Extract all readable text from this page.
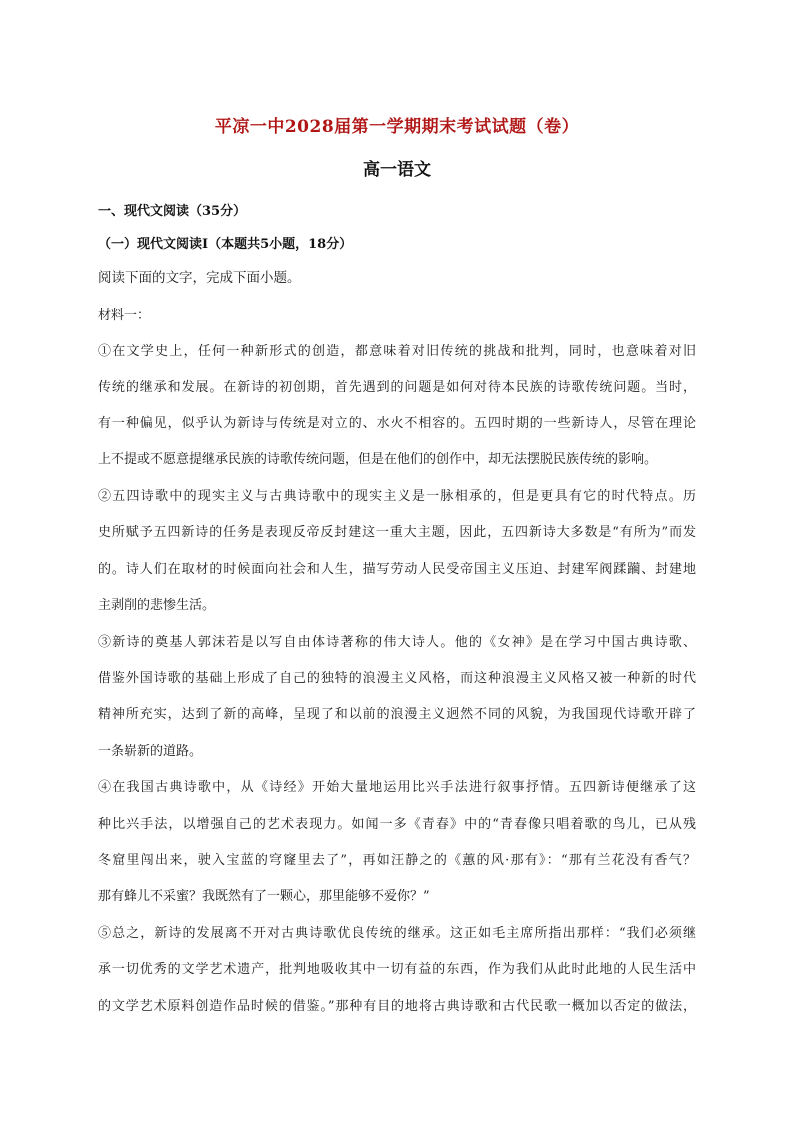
平凉一中2028届第一学期期末考试试题（卷）
高一语文
一、现代文阅读（35分）
（一）现代文阅读Ⅰ（本题共5小题，18分）
阅读下面的文字，完成下面小题。
材料一：
①在文学史上，任何一种新形式的创造，都意味着对旧传统的挑战和批判，同时，也意味着对旧
传统的继承和发展。在新诗的初创期，首先遇到的问题是如何对待本民族的诗歌传统问题。当时，
有一种偏见，似乎认为新诗与传统是对立的、水火不相容的。五四时期的一些新诗人，尽管在理论
上不提或不愿意提继承民族的诗歌传统问题，但是在他们的创作中，却无法摆脱民族传统的影响。
②五四诗歌中的现实主义与古典诗歌中的现实主义是一脉相承的，但是更具有它的时代特点。历
史所赋予五四新诗的任务是表现反帝反封建这一重大主题，因此，五四新诗大多数是“有所为”而发
的。诗人们在取材的时候面向社会和人生，描写劳动人民受帝国主义压迫、封建军阀蹂躏、封建地
主剥削的悲惨生活。
③新诗的奠基人郭沫若是以写自由体诗著称的伟大诗人。他的《女神》是在学习中国古典诗歌、
借鉴外国诗歌的基础上形成了自己的独特的浪漫主义风格，而这种浪漫主义风格又被一种新的时代
精神所充实，达到了新的高峰，呈现了和以前的浪漫主义迥然不同的风貌，为我国现代诗歌开辟了
一条崭新的道路。
④在我国古典诗歌中，从《诗经》开始大量地运用比兴手法进行叙事抒情。五四新诗便继承了这
种比兴手法，以增强自己的艺术表现力。如闻一多《青春》中的“青春像只唱着歌的鸟儿，已从残
冬窟里闯出来，驶入宝蓝的穹窿里去了”，再如汪静之的《蕙的风·那有》：“那有兰花没有香气？
那有蜂儿不采蜜？我既然有了一颗心，那里能够不爱你？”
⑤总之，新诗的发展离不开对古典诗歌优良传统的继承。这正如毛主席所指出那样：“我们必须继
承一切优秀的文学艺术遗产，批判地吸收其中一切有益的东西，作为我们从此时此地的人民生活中
的文学艺术原料创造作品时候的借鉴。”那种有目的地将古典诗歌和古代民歌一概加以否定的做法，
